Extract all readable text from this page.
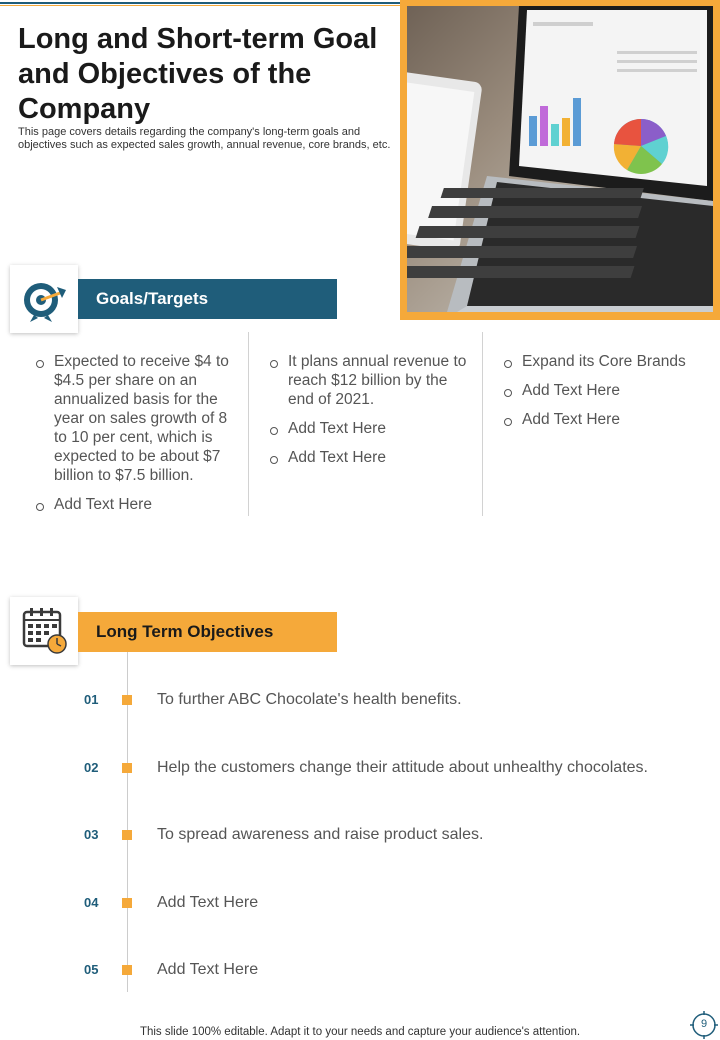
Long and Short-term Goal and Objectives of the Company

This page covers details regarding the company's long-term goals and objectives such as expected sales growth, annual revenue, core brands, etc.

Goals/Targets
Expected to receive $4 to $4.5 per share on an annualized basis for the year on sales growth of 8 to 10 per cent, which is expected to be about $7 billion to $7.5 billion.
Add Text Here
It plans annual revenue to reach $12 billion by the end of 2021.
Add Text Here
Add Text Here
Expand its Core Brands
Add Text Here
Add Text Here
Long Term Objectives
01	To further ABC Chocolate's health benefits.
02	Help the customers change their attitude about unhealthy chocolates.
03	To spread awareness and raise product sales.
04	Add Text Here
05	Add Text Here
This slide 100% editable. Adapt it to your needs and capture your audience's attention.
9
